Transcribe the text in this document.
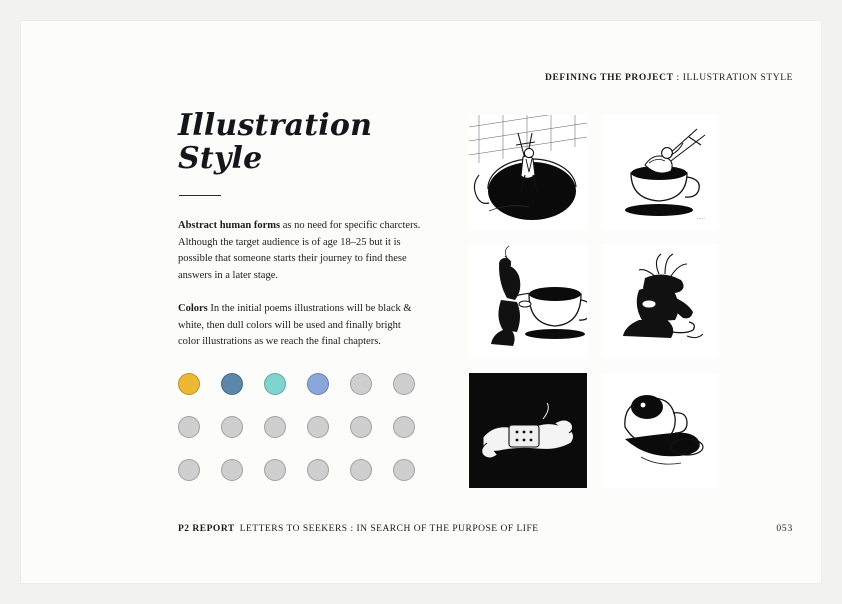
DEFINING THE PROJECT : ILLUSTRATION STYLE
Illustration Style

Abstract human forms as no need for specific charcters. Although the target audience is of age 18–25 but it is possible that someone starts their journey to find these answers in a later stage.

Colors In the initial poems illustrations will be black & white, then dull colors will be used and finally bright color illustrations as we reach the final chapters.

.....
P2 REPORT LETTERS TO SEEKERS : IN SEARCH OF THE PURPOSE OF LIFE	053
